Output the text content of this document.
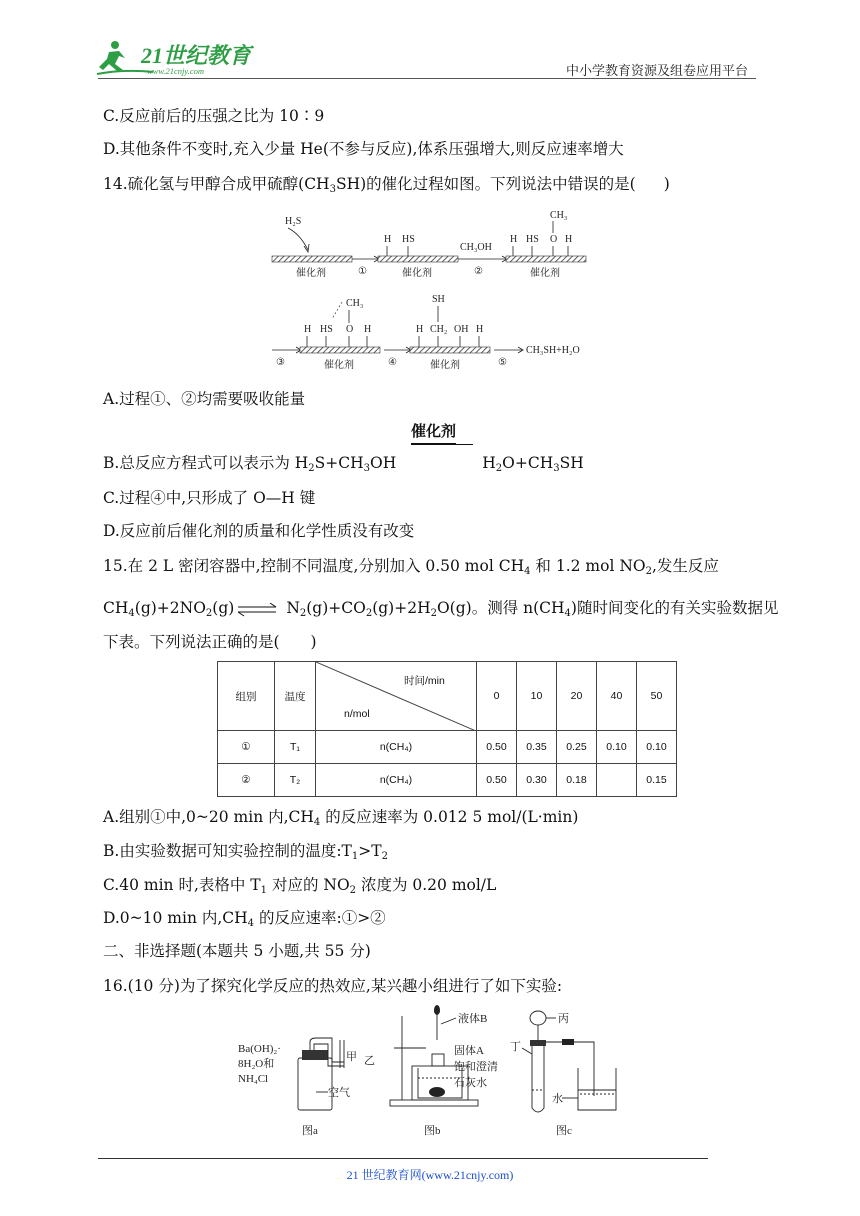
21世纪教育
www.21cnjy.com	中小学教育资源及组卷应用平台
C.反应前后的压强之比为 10∶9
D.其他条件不变时,充入少量 He(不参与反应),体系压强增大,则反应速率增大
14.硫化氢与甲醇合成甲硫醇$(CH_3SH)$的催化过程如图。下列说法中错误的是( )
催化剂
H₂S
①	催化剂
H HS
CH₃OH
②	催化剂
H HS O H
CH₃
③	催化剂
H HS O H
CH₃
④	催化剂
SH
H CH₂ OH H
⑤
CH₃SH+H₂O
A.过程①、②均需要吸收能量
催化剂
B.总反应方程式可以表示为 $H_2S+CH_3OH$	$H_2O+CH_3SH$
C.过程④中,只形成了 O—H 键
D.反应前后催化剂的质量和化学性质没有改变
15.在 2 L 密闭容器中,控制不同温度,分别加入 0.50 mol $CH_4$ 和 1.2 mol $NO_2$,发生反应
$CH_4(g)+2NO_2(g)$ ⇌ $N_2(g)+CO_2(g)+2H_2O(g)$。测得 $n(CH_4)$随时间变化的有关实验数据见
下表。下列说法正确的是(　　)
组别	温度	时间/min
n/mol	0	10	20	40	50
①	T₁	n(CH₄)	0.50	0.35	0.25	0.10	0.10
②	T₂	n(CH₄)	0.50	0.30	0.18		0.15
A.组别①中,0~20 min 内$,CH_4$ 的反应速率为 0.012 5 mol/(L·min)
B.由实验数据可知实验控制的温度$:T_1>T_2$
C.40 min 时,表格中 $T_1$ 对应的 $NO_2$ 浓度为 0.20 mol/L
D.0~10 min 内$,CH_4$ 的反应速率:①>②
二、非选择题(本题共 5 小题,共 55 分)
16.(10 分)为了探究化学反应的热效应,某兴趣小组进行了如下实验:
Ba(OH)₂·
8H₂O和
NH₄Cl
甲 乙
空气
图a
液体B
固体A
饱和澄清
石灰水
图b
丙
丁
水
图c
21 世纪教育网(www.21cnjy.com)
